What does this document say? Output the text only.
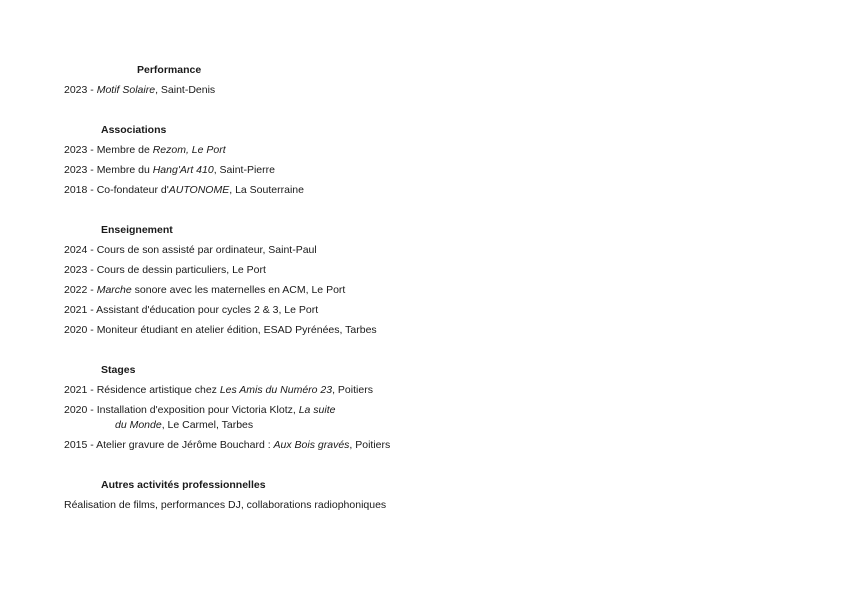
Performance
2023 - Motif Solaire, Saint-Denis
Associations
2023 - Membre de Rezom, Le Port
2023 - Membre du Hang'Art 410, Saint-Pierre
2018 - Co-fondateur d'AUTONOME, La Souterraine
Enseignement
2024 - Cours de son assisté par ordinateur, Saint-Paul
2023 - Cours de dessin particuliers, Le Port
2022 - Marche sonore avec les maternelles en ACM, Le Port
2021 - Assistant d'éducation pour cycles 2 & 3, Le Port
2020 - Moniteur étudiant en atelier édition, ESAD Pyrénées, Tarbes
Stages
2021 - Résidence artistique chez Les Amis du Numéro 23, Poitiers
2020 - Installation d'exposition pour Victoria Klotz, La suite
du Monde, Le Carmel, Tarbes
2015 - Atelier gravure de Jérôme Bouchard : Aux Bois gravés, Poitiers
Autres activités professionnelles
Réalisation de films, performances DJ, collaborations radiophoniques
